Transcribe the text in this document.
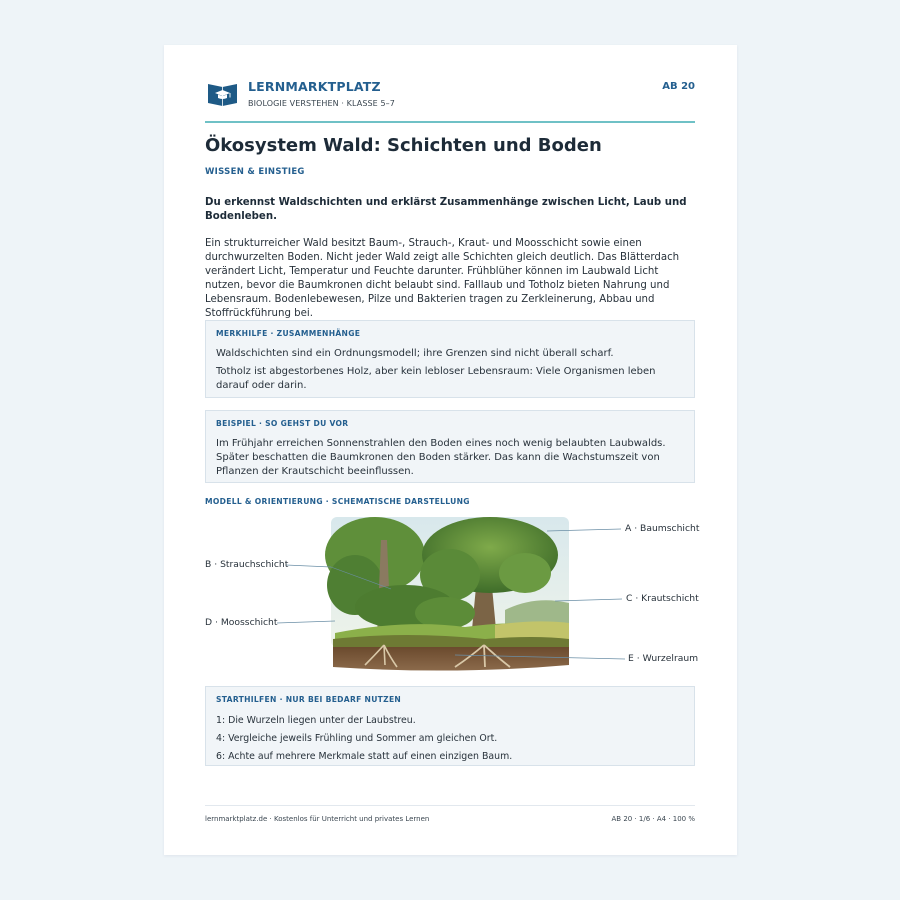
LERNMARKTPLATZ
BIOLOGIE VERSTEHEN · KLASSE 5–7
AB 20
Ökosystem Wald: Schichten und Boden
WISSEN & EINSTIEG

Du erkennst Waldschichten und erklärst Zusammenhänge zwischen Licht, Laub und Bodenleben.

Ein strukturreicher Wald besitzt Baum-, Strauch-, Kraut- und Moosschicht sowie einen durchwurzelten Boden. Nicht jeder Wald zeigt alle Schichten gleich deutlich. Das Blätterdach verändert Licht, Temperatur und Feuchte darunter. Frühblüher können im Laubwald Licht nutzen, bevor die Baumkronen dicht belaubt sind. Falllaub und Totholz bieten Nahrung und Lebensraum. Bodenlebewesen, Pilze und Bakterien tragen zu Zerkleinerung, Abbau und Stoffrückführung bei.

MERKHILFE · ZUSAMMENHÄNGE

Waldschichten sind ein Ordnungsmodell; ihre Grenzen sind nicht überall scharf.

Totholz ist abgestorbenes Holz, aber kein lebloser Lebensraum: Viele Organismen leben darauf oder darin.

BEISPIEL · SO GEHST DU VOR

Im Frühjahr erreichen Sonnenstrahlen den Boden eines noch wenig belaubten Laubwalds. Später beschatten die Baumkronen den Boden stärker. Das kann die Wachstumszeit von Pflanzen der Krautschicht beeinflussen.

MODELL & ORIENTIERUNG · SCHEMATISCHE DARSTELLUNG
A · Baumschicht
B · Strauchschicht
C · Krautschicht
D · Moosschicht
E · Wurzelraum
STARTHILFEN · NUR BEI BEDARF NUTZEN
1: Die Wurzeln liegen unter der Laubstreu.
4: Vergleiche jeweils Frühling und Sommer am gleichen Ort.
6: Achte auf mehrere Merkmale statt auf einen einzigen Baum.
lernmarktplatz.de · Kostenlos für Unterricht und privates Lernen	AB 20 · 1/6 · A4 · 100 %
